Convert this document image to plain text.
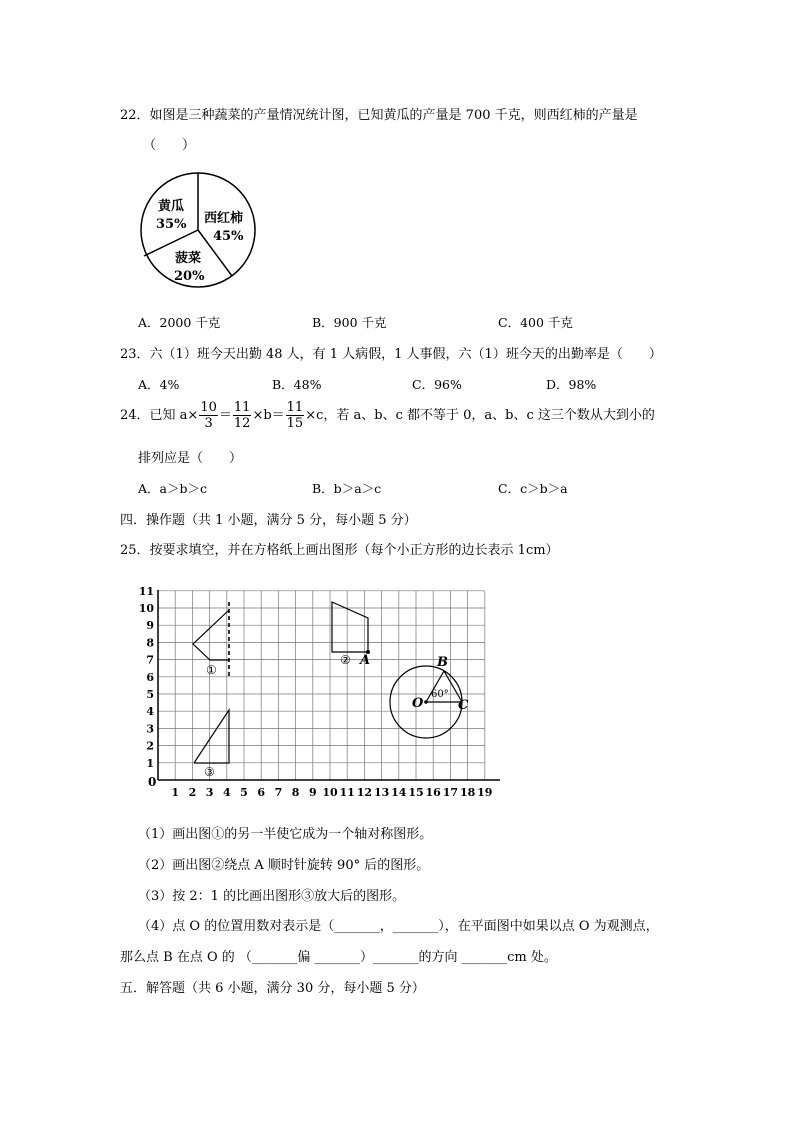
22．如图是三种蔬菜的产量情况统计图，已知黄瓜的产量是 700 千克，则西红柿的产量是
（　　）
黄瓜
35% 西红柿
45%
菠菜
20%
A．2000 千克	B．900 千克	C．400 千克
23．六（1）班今天出勤 48 人，有 1 人病假，1 人事假，六（1）班今天的出勤率是（　　）
A．4%	B．48%	C．96%	D．98%
24．已知 $a\times \frac{10}{3} = \frac{11}{12} \times b= \frac{11}{15} \times c$，若 a、b、c 都不等于 0，a、b、c 这三个数从大到小的
排列应是（　　）
A．a＞b＞c	B．b＞a＞c	C．c＞b＞a
四．操作题（共 1 小题，满分 5 分，每小题 5 分）
25．按要求填空，并在方格纸上画出图形（每个小正方形的边长表示 1cm）
1 2 3 4 5 6 7 8 9 10 11 12 13 14 15 16 17 18 19
1
2
3
4
5
6
7
8
9
10
11
0
①
② A
O
B
C
60°
③
（1）画出图①的另一半使它成为一个轴对称图形。
（2）画出图②绕点 A 顺时针旋转 90° 后的图形。
（3）按 2：1 的比画出图形③放大后的图形。
（4）点 O 的位置用数对表示是（_______，_______），在平面图中如果以点 O 为观测点，
那么点 B 在点 O 的 （_______偏 _______）_______的方向 _______cm 处。
五．解答题（共 6 小题，满分 30 分，每小题 5 分）
